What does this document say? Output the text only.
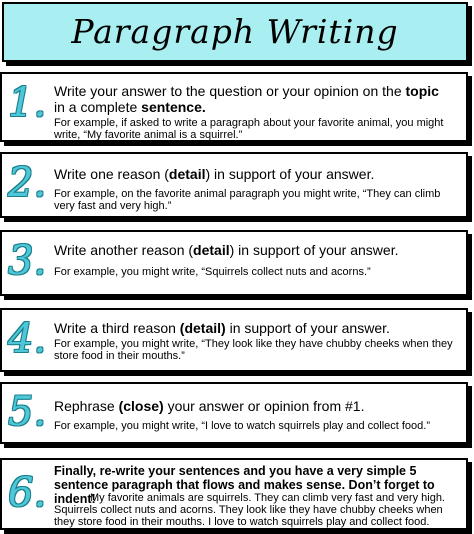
Paragraph Writing
1. Write your answer to the question or your opinion on the topic
in a complete sentence.
For example, if asked to write a paragraph about your favorite animal, you might write, “My favorite animal is a squirrel.”
2. Write one reason (detail) in support of your answer.
For example, on the favorite animal paragraph you might write, “They can climb very fast and very high.”
3. Write another reason (detail) in support of your answer.
For example, you might write, “Squirrels collect nuts and acorns.”
4. Write a third reason (detail) in support of your answer.
For example, you might write, “They look like they have chubby cheeks when they store food in their mouths.”
5. Rephrase (close) your answer or opinion from #1.
For example, you might write, “I love to watch squirrels play and collect food.”
6. Finally, re-write your sentences and you have a very simple 5 sentence paragraph that flows and makes sense. Don’t forget to indent!
My favorite animals are squirrels. They can climb very fast and very high. Squirrels collect nuts and acorns. They look like they have chubby cheeks when they store food in their mouths. I love to watch squirrels play and collect food.
